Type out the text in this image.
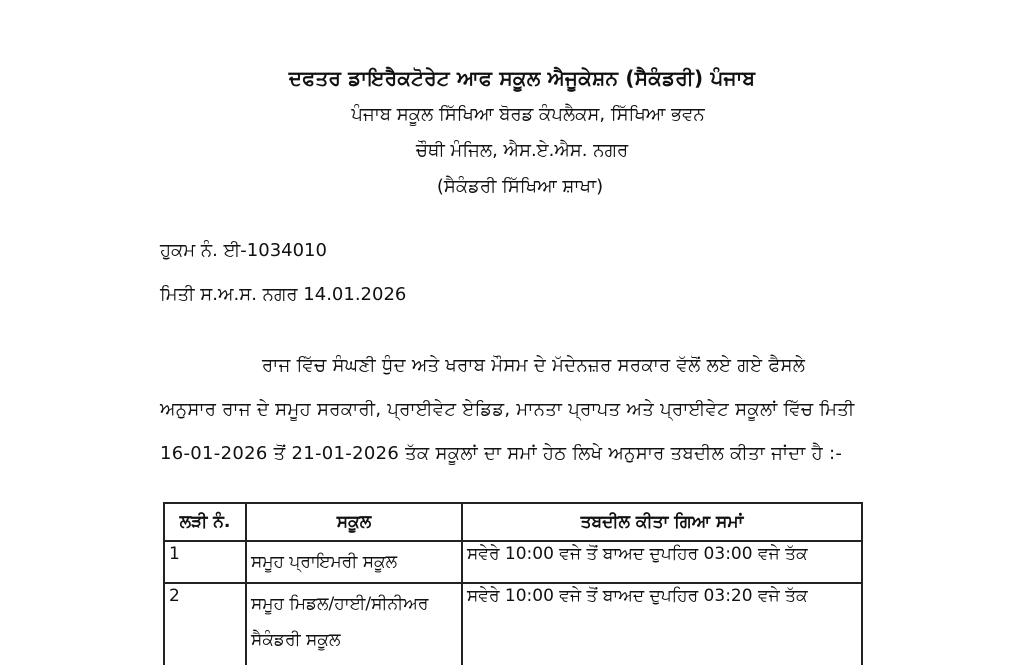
ਦਫਤਰ ਡਾਇਰੈਕਟੋਰੇਟ ਆਫ ਸਕੂਲ ਐਜੂਕੇਸ਼ਨ (ਸੈਕੰਡਰੀ) ਪੰਜਾਬ
ਪੰਜਾਬ ਸਕੂਲ ਸਿੱਖਿਆ ਬੋਰਡ ਕੰਪਲੈਕਸ, ਸਿੱਖਿਆ ਭਵਨ
ਚੌਥੀ ਮੰਜਿਲ, ਐਸ.ਏ.ਐਸ. ਨਗਰ
(ਸੈਕੰਡਰੀ ਸਿੱਖਿਆ ਸ਼ਾਖਾ)
ਹੁਕਮ ਨੰ. ਈ-1034010
ਮਿਤੀ ਸ.ਅ.ਸ. ਨਗਰ 14.01.2026
ਰਾਜ ਵਿੱਚ ਸੰਘਣੀ ਧੁੰਦ ਅਤੇ ਖਰਾਬ ਮੌਸਮ ਦੇ ਮੱਦੇਨਜ਼ਰ ਸਰਕਾਰ ਵੱਲੋਂ ਲਏ ਗਏ ਫੈਸਲੇ
ਅਨੁਸਾਰ ਰਾਜ ਦੇ ਸਮੂਹ ਸਰਕਾਰੀ, ਪ੍ਰਾਈਵੇਟ ਏਡਿਡ, ਮਾਨਤਾ ਪ੍ਰਾਪਤ ਅਤੇ ਪ੍ਰਾਈਵੇਟ ਸਕੂਲਾਂ ਵਿੱਚ ਮਿਤੀ
16-01-2026 ਤੋਂ 21-01-2026 ਤੱਕ ਸਕੂਲਾਂ ਦਾ ਸਮਾਂ ਹੇਠ ਲਿਖੇ ਅਨੁਸਾਰ ਤਬਦੀਲ ਕੀਤਾ ਜਾਂਦਾ ਹੈ :-
ਲੜੀ ਨੰ.	ਸਕੂਲ	ਤਬਦੀਲ ਕੀਤਾ ਗਿਆ ਸਮਾਂ
1	ਸਮੂਹ ਪ੍ਰਾਇਮਰੀ ਸਕੂਲ	ਸਵੇਰੇ 10:00 ਵਜੇ ਤੋਂ ਬਾਅਦ ਦੁਪਹਿਰ 03:00 ਵਜੇ ਤੱਕ
2	ਸਮੂਹ ਮਿਡਲ/ਹਾਈ/ਸੀਨੀਅਰ
ਸੈਕੰਡਰੀ ਸਕੂਲ	ਸਵੇਰੇ 10:00 ਵਜੇ ਤੋਂ ਬਾਅਦ ਦੁਪਹਿਰ 03:20 ਵਜੇ ਤੱਕ
